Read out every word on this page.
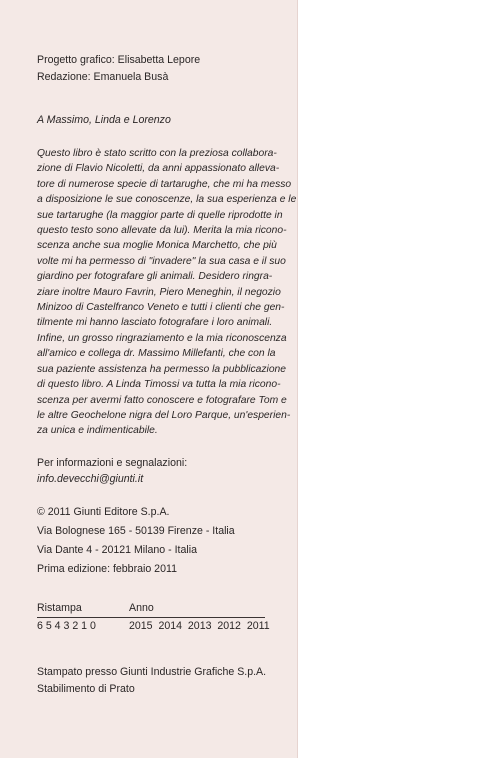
Progetto grafico: Elisabetta Lepore
Redazione: Emanuela Busà
A Massimo, Linda e Lorenzo
Questo libro è stato scritto con la preziosa collabora-
zione di Flavio Nicoletti, da anni appassionato alleva-
tore di numerose specie di tartarughe, che mi ha messo
a disposizione le sue conoscenze, la sua esperienza e le
sue tartarughe (la maggior parte di quelle riprodotte in
questo testo sono allevate da lui). Merita la mia ricono-
scenza anche sua moglie Monica Marchetto, che più
volte mi ha permesso di "invadere" la sua casa e il suo
giardino per fotografare gli animali. Desidero ringra-
ziare inoltre Mauro Favrin, Piero Meneghin, il negozio
Minizoo di Castelfranco Veneto e tutti i clienti che gen-
tilmente mi hanno lasciato fotografare i loro animali.
Infine, un grosso ringraziamento e la mia riconoscenza
all'amico e collega dr. Massimo Millefanti, che con la
sua paziente assistenza ha permesso la pubblicazione
di questo libro. A Linda Timossi va tutta la mia ricono-
scenza per avermi fatto conoscere e fotografare Tom e
le altre Geochelone nigra del Loro Parque, un'esperien-
za unica e indimenticabile.
Per informazioni e segnalazioni:
info.devecchi@giunti.it
© 2011 Giunti Editore S.p.A.
Via Bolognese 165 - 50139 Firenze - Italia
Via Dante 4 - 20121 Milano - Italia
Prima edizione: febbraio 2011
Ristampa	Anno
6 5 4 3 2 1 0	2015  2014  2013  2012  2011
Stampato presso Giunti Industrie Grafiche S.p.A.
Stabilimento di Prato
